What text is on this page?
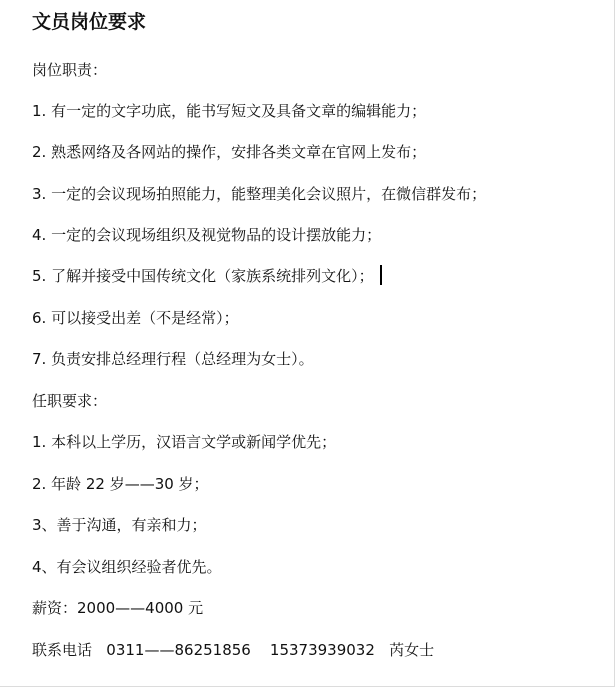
文员岗位要求
岗位职责：
1. 有一定的文字功底，能书写短文及具备文章的编辑能力；
2. 熟悉网络及各网站的操作，安排各类文章在官网上发布；
3. 一定的会议现场拍照能力，能整理美化会议照片，在微信群发布；
4. 一定的会议现场组织及视觉物品的设计摆放能力；
5. 了解并接受中国传统文化（家族系统排列文化）；
6. 可以接受出差（不是经常）；
7. 负责安排总经理行程（总经理为女士）。
任职要求：
1. 本科以上学历，汉语言文学或新闻学优先；
2. 年龄 22 岁——30 岁；
3、善于沟通，有亲和力；
4、有会议组织经验者优先。
薪资：2000——4000 元
联系电话   0311——86251856    15373939032   芮女士
